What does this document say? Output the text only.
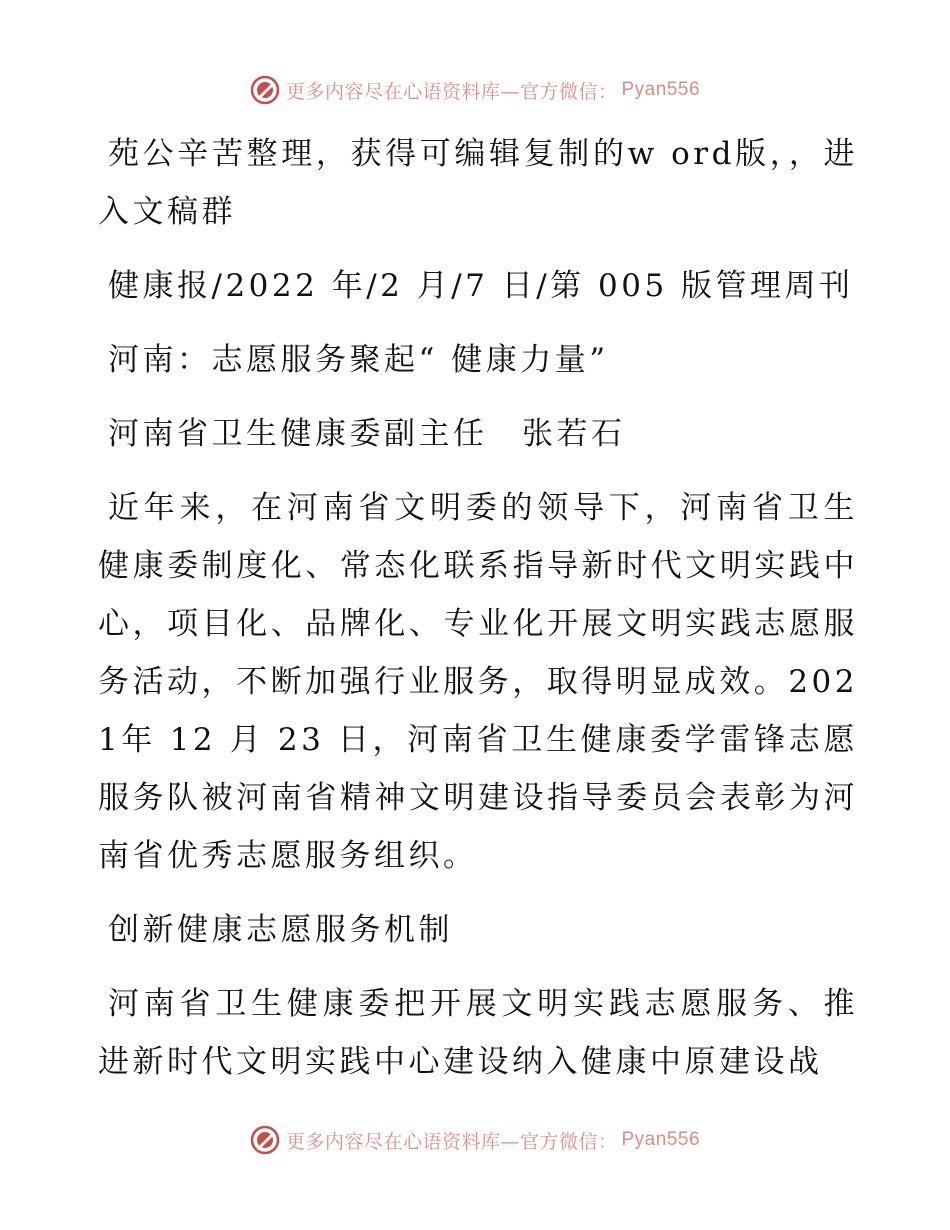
更多内容尽在心语资料库—官方微信： Pyan556

苑公辛苦整理，获得可编辑复制的w ord版，，进入文稿群

健康报/2022 年/2 月/7 日/第 005 版管理周刊

河南：志愿服务聚起“ 健康力量”

河南省卫生健康委副主任　张若石

近年来，在河南省文明委的领导下，河南省卫生健康委制度化、常态化联系指导新时代文明实践中心，项目化、品牌化、专业化开展文明实践志愿服务活动，不断加强行业服务，取得明显成效。2021年 12 月 23 日，河南省卫生健康委学雷锋志愿服务队被河南省精神文明建设指导委员会表彰为河南省优秀志愿服务组织。

创新健康志愿服务机制

河南省卫生健康委把开展文明实践志愿服务、推进新时代文明实践中心建设纳入健康中原建设战

更多内容尽在心语资料库—官方微信： Pyan556
